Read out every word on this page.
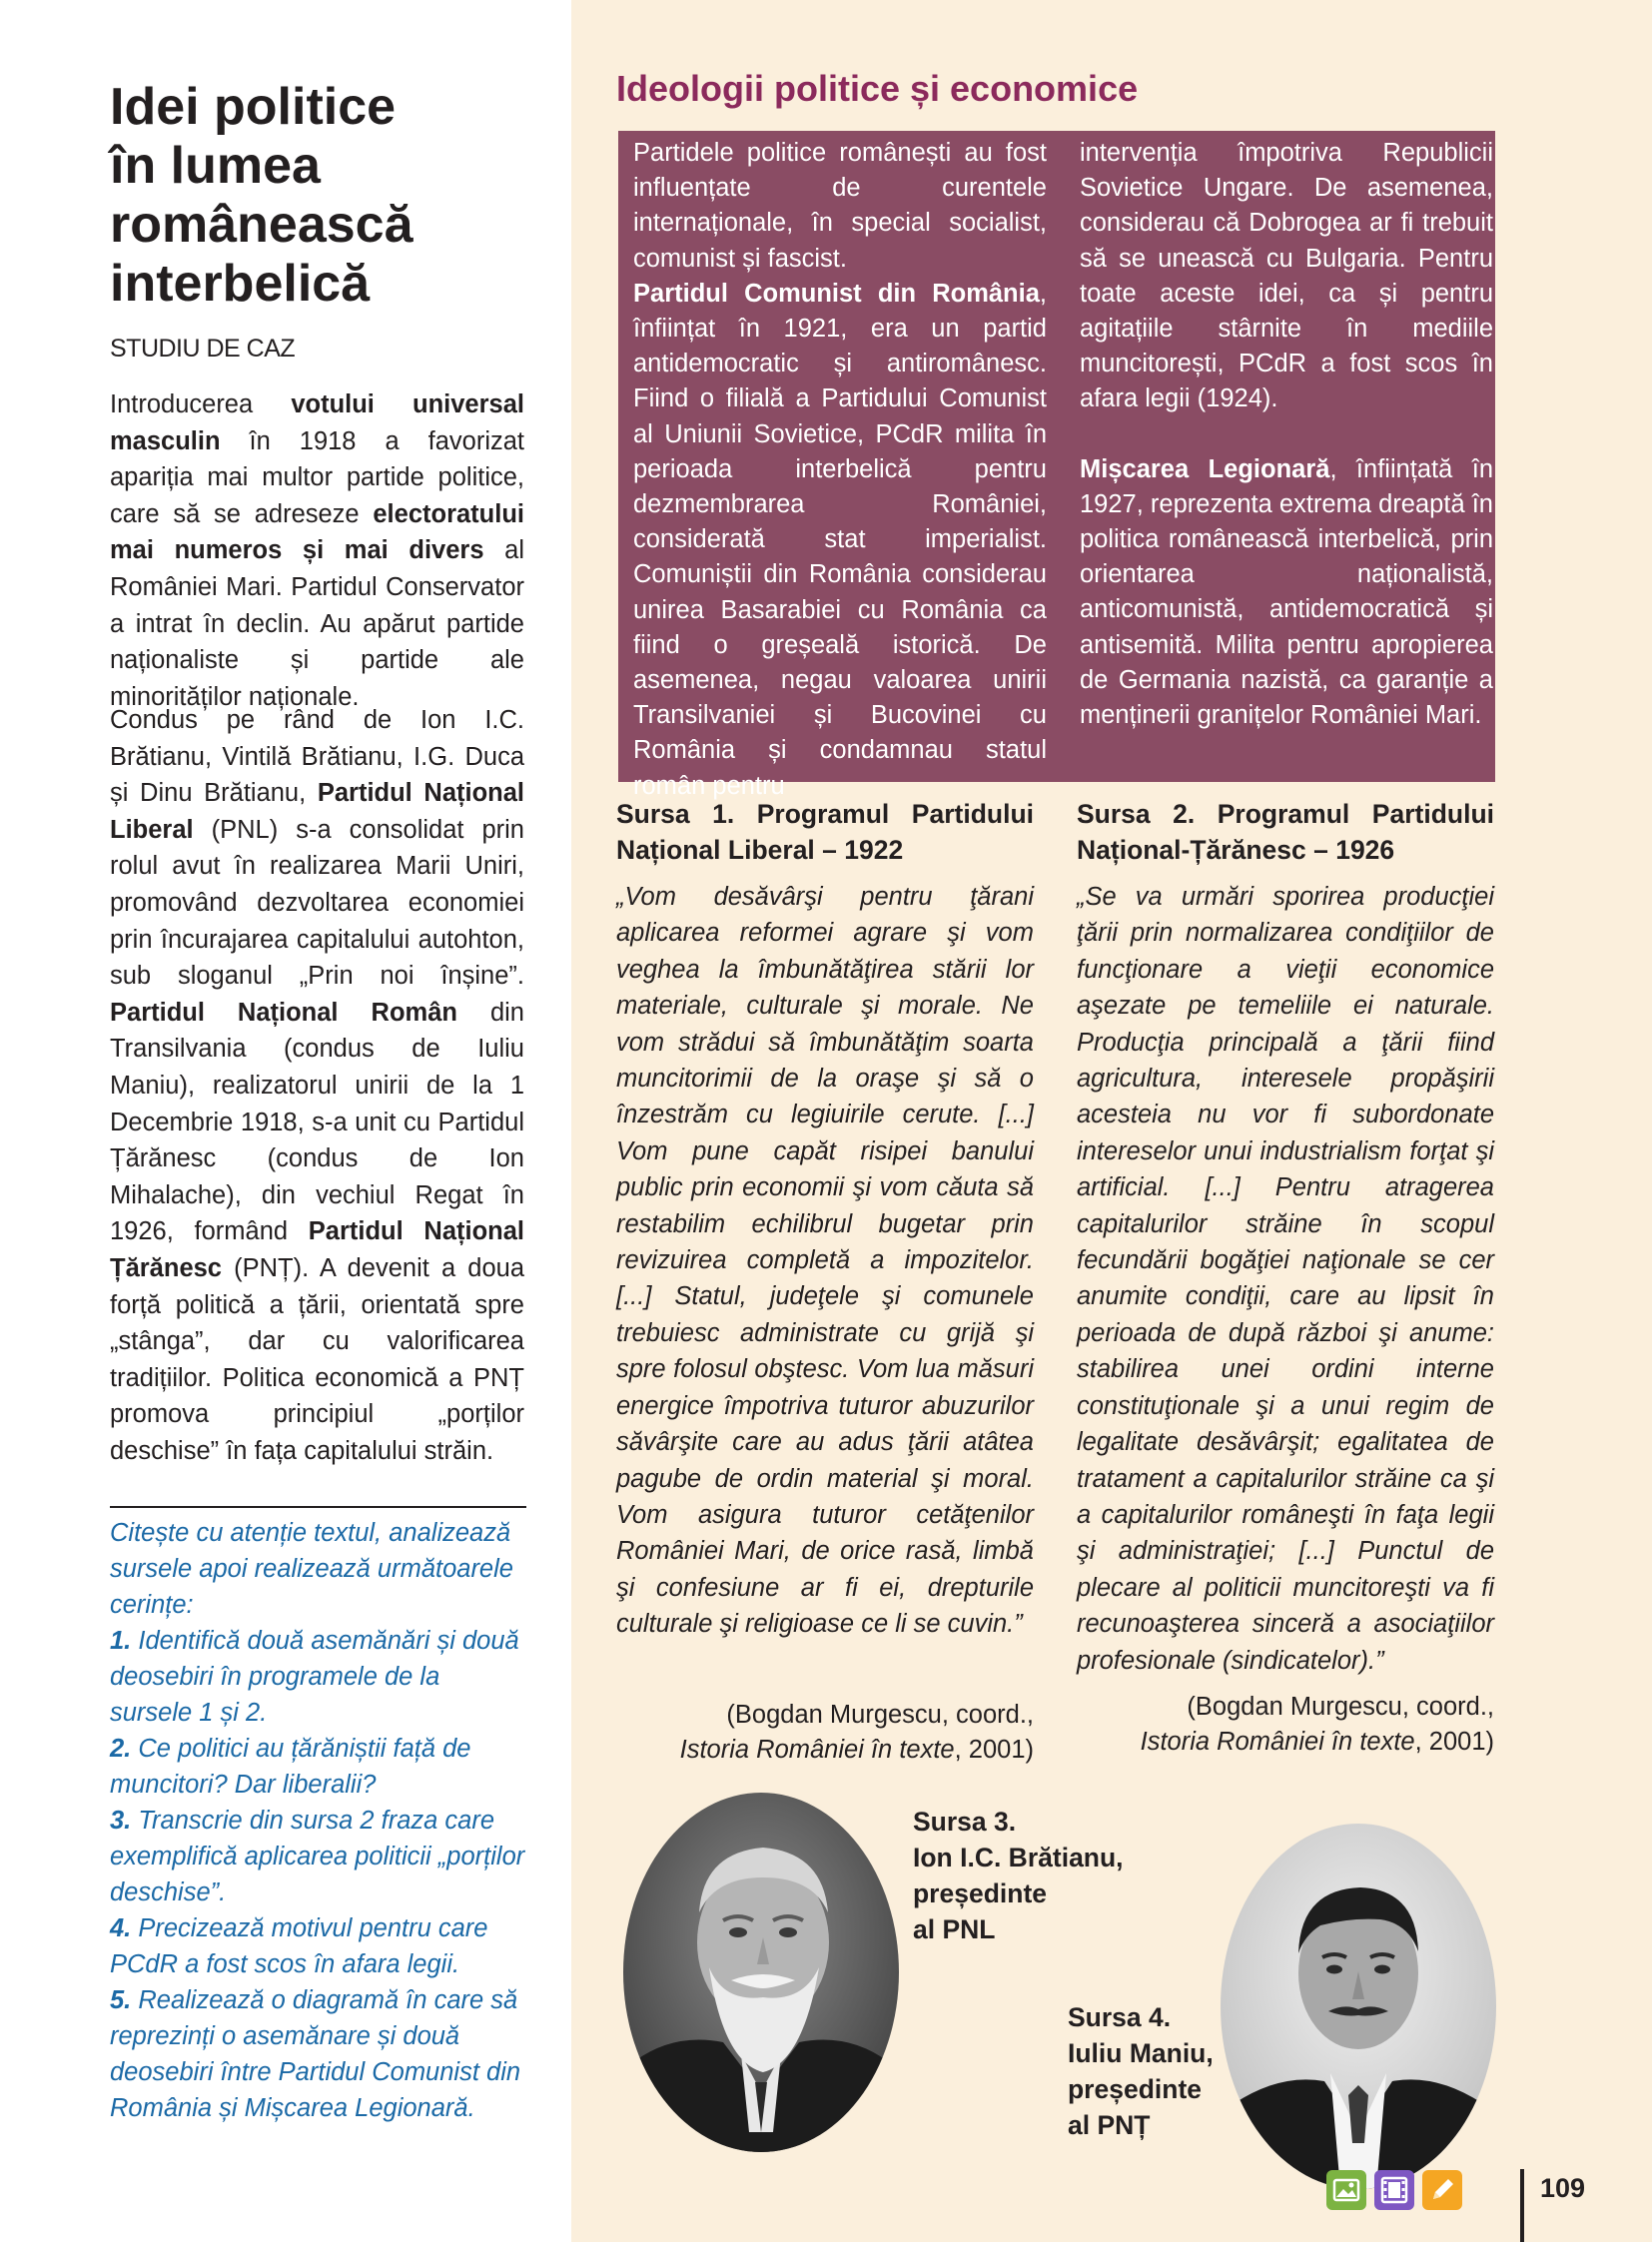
Idei politice
în lumea
românească
interbelică
STUDIU DE CAZ

Introducerea votului universal masculin în 1918 a favorizat apariția mai multor partide politice, care să se adreseze electoratului mai numeros și mai divers al României Mari. Partidul Conservator a intrat în declin. Au apărut partide naționaliste și partide ale minorităților naționale.

Condus pe rând de Ion I.C. Brătianu, Vintilă Brătianu, I.G. Duca și Dinu Brătianu, Partidul Național Liberal (PNL) s-a consolidat prin rolul avut în realizarea Marii Uniri, promovând dezvoltarea economiei prin încurajarea capitalului autohton, sub sloganul „Prin noi înșine”. Partidul Național Român din Transilvania (condus de Iuliu Maniu), realizatorul unirii de la 1 Decembrie 1918, s-a unit cu Partidul Țărănesc (condus de Ion Mihalache), din vechiul Regat în 1926, formând Partidul Național Țărănesc (PNȚ). A devenit a doua forță politică a țării, orientată spre „stânga”, dar cu valorificarea tradițiilor. Politica economică a PNȚ promova principiul „porților deschise” în fața capitalului străin.

Citește cu atenție textul, analizează sursele apoi realizează următoarele cerințe:

1. Identifică două asemănări și două deosebiri în programele de la sursele 1 și 2.

2. Ce politici au țărăniștii față de muncitori? Dar liberalii?

3. Transcrie din sursa 2 fraza care exemplifică aplicarea politicii „porților deschise”.

4. Precizează motivul pentru care PCdR a fost scos în afara legii.

5. Realizează o diagramă în care să reprezinți o asemănare și două deosebiri între Partidul Comunist din România și Mișcarea Legionară.

Ideologii politice și economice

Partidele politice românești au fost influențate de curentele internaționale, în special socialist, comunist și fascist.

Partidul Comunist din România, înființat în 1921, era un partid antidemocratic și antiromânesc. Fiind o filială a Partidului Comunist al Uniunii Sovietice, PCdR milita în perioada interbelică pentru dezmembrarea României, considerată stat imperialist. Comuniștii din România considerau unirea Basarabiei cu România ca fiind o greșeală istorică. De asemenea, negau valoarea unirii Transilvaniei și Bucovinei cu România și condamnau statul român pentru

intervenția împotriva Republicii Sovietice Ungare. De asemenea, considerau că Dobrogea ar fi trebuit să se unească cu Bulgaria. Pentru toate aceste idei, ca și pentru agitațiile stârnite în mediile muncitorești, PCdR a fost scos în afara legii (1924).

Mișcarea Legionară, înființată în 1927, reprezenta extrema dreaptă în politica românească interbelică, prin orientarea naționalistă, anticomunistă, antidemocratică și antisemită. Milita pentru apropierea de Germania nazistă, ca garanție a menținerii granițelor României Mari.

Sursa 1. Programul Partidului Național Liberal – 1922

„Vom desăvârşi pentru ţărani aplicarea reformei agrare şi vom veghea la îmbunătăţirea stării lor materiale, culturale şi morale. Ne vom strădui să îmbunătăţim soarta muncitorimii de la oraşe şi să o înzestrăm cu legiuirile cerute. [...] Vom pune capăt risipei banului public prin economii şi vom căuta să restabilim echilibrul bugetar prin revizuirea completă a impozitelor. [...] Statul, judeţele şi comunele trebuiesc administrate cu grijă şi spre folosul obştesc. Vom lua măsuri energice împotriva tuturor abuzurilor săvârşite care au adus ţării atâtea pagube de ordin material şi moral. Vom asigura tuturor cetăţenilor României Mari, de orice rasă, limbă şi confesiune ar fi ei, drepturile culturale şi religioase ce li se cuvin.”

(Bogdan Murgescu, coord.,
Istoria României în texte, 2001)

Sursa 2. Programul Partidului Național-Țărănesc – 1926

„Se va urmări sporirea producţiei ţării prin normalizarea condiţiilor de funcţionare a vieţii economice aşezate pe temeliile ei naturale. Producţia principală a ţării fiind agricultura, interesele propăşirii acesteia nu vor fi subordonate intereselor unui industrialism forţat şi artificial. [...] Pentru atragerea capitalurilor străine în scopul fecundării bogăţiei naţionale se cer anumite condiţii, care au lipsit în perioada de după război şi anume: stabilirea unei ordini interne constituţionale şi a unui regim de legalitate desăvârşit; egalitatea de tratament a capitalurilor străine ca şi a capitalurilor româneşti în faţa legii şi administraţiei; [...] Punctul de plecare al politicii muncitoreşti va fi recunoaşterea sinceră a asociaţiilor profesionale (sindicatelor).”

(Bogdan Murgescu, coord.,
Istoria României în texte, 2001)
Sursa 3.
Ion I.C. Brătianu,
președinte
al PNL
Sursa 4.
Iuliu Maniu,
președinte
al PNȚ
109
